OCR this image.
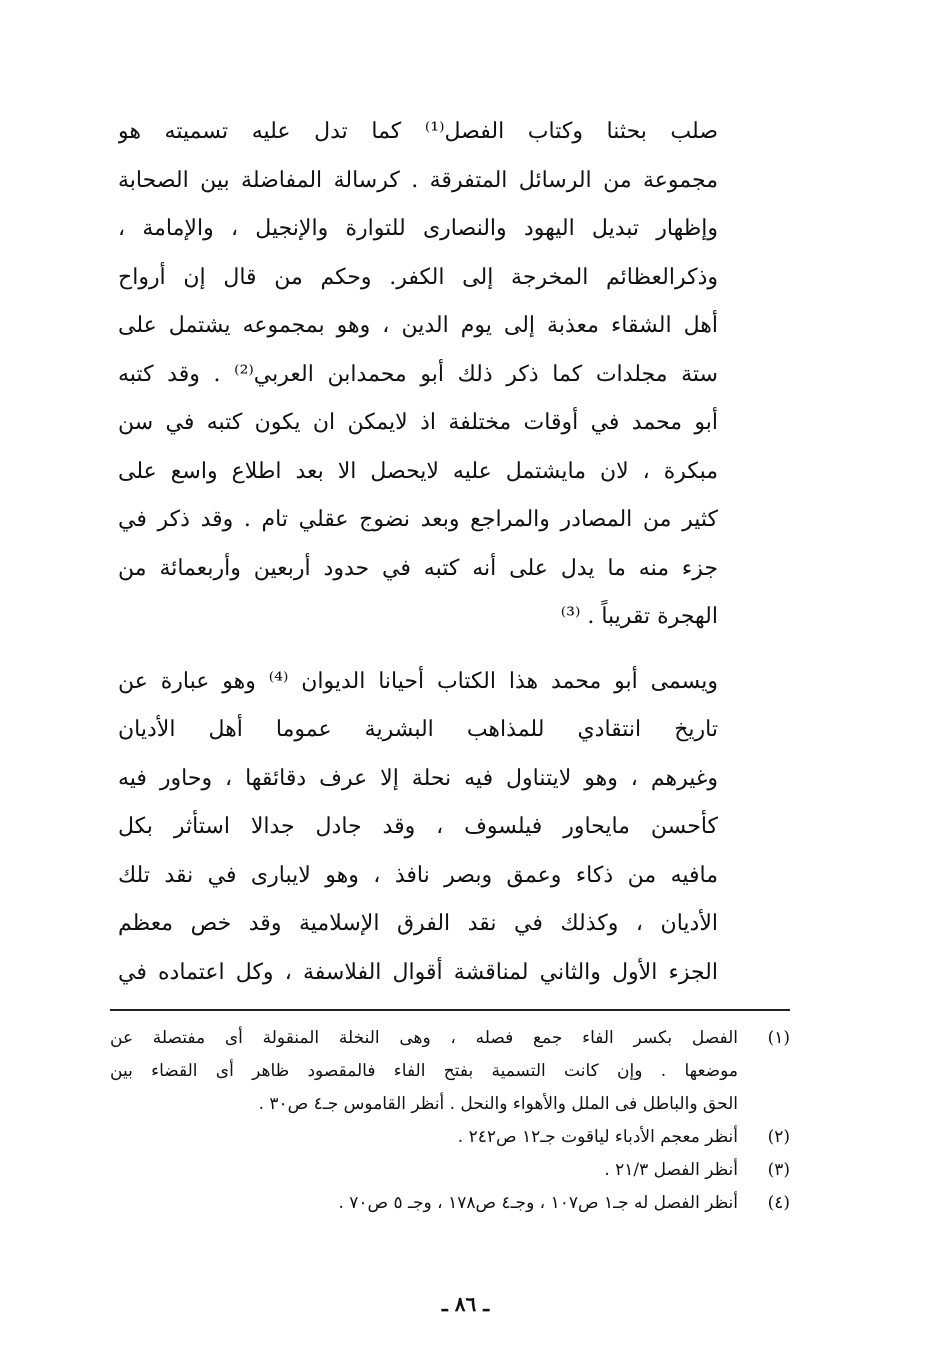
صلب بحثنا وكتاب الفصل⁽¹⁾ كما تدل عليه تسميته هو
مجموعة من الرسائل المتفرقة . كرسالة المفاضلة بين الصحابة
وإظهار تبديل اليهود والنصارى للتوارة والإنجيل ، والإمامة ،
وذكرالعظائم المخرجة إلى الكفر. وحكم من قال إن أرواح
أهل الشقاء معذبة إلى يوم الدين ، وهو بمجموعه يشتمل على
ستة مجلدات كما ذكر ذلك أبو محمدابن العربي⁽²⁾ . وقد كتبه
أبو محمد في أوقات مختلفة اذ لايمكن ان يكون كتبه في سن
مبكرة ، لان مايشتمل عليه لايحصل الا بعد اطلاع واسع على
كثير من المصادر والمراجع وبعد نضوج عقلي تام . وقد ذكر في
جزء منه ما يدل على أنه كتبه في حدود أربعين وأربعمائة من
الهجرة تقريباً . ⁽³⁾
ويسمى أبو محمد هذا الكتاب أحيانا الديوان ⁽⁴⁾ وهو عبارة عن
تاريخ انتقادي للمذاهب البشرية عموما أهل الأديان
وغيرهم ، وهو لايتناول فيه نحلة إلا عرف دقائقها ، وحاور فيه
كأحسن مايحاور فيلسوف ، وقد جادل جدالا استأثر بكل
مافيه من ذكاء وعمق وبصر نافذ ، وهو لايبارى في نقد تلك
الأديان ، وكذلك في نقد الفرق الإسلامية وقد خص معظم
الجزء الأول والثاني لمناقشة أقوال الفلاسفة ، وكل اعتماده في
(١)
الفصل بكسر الفاء جمع فصله ، وهى النخلة المنقولة أى مفتصلة عن
موضعها . وإن كانت التسمية بفتح الفاء فالمقصود ظاهر أى القضاء بين
الحق والباطل فى الملل والأهواء والنحل . أنظر القاموس جـ٤ ص٣٠ .
(٢)
أنظر معجم الأدباء لياقوت جـ١٢ ص٢٤٢ .
(٣)
أنظر الفصل ٢١/٣ .
(٤)
أنظر الفصل له جـ١ ص١٠٧ ، وجـ٤ ص١٧٨ ، وجـ ٥ ص٧٠ .
ـ ٨٦ ـ
